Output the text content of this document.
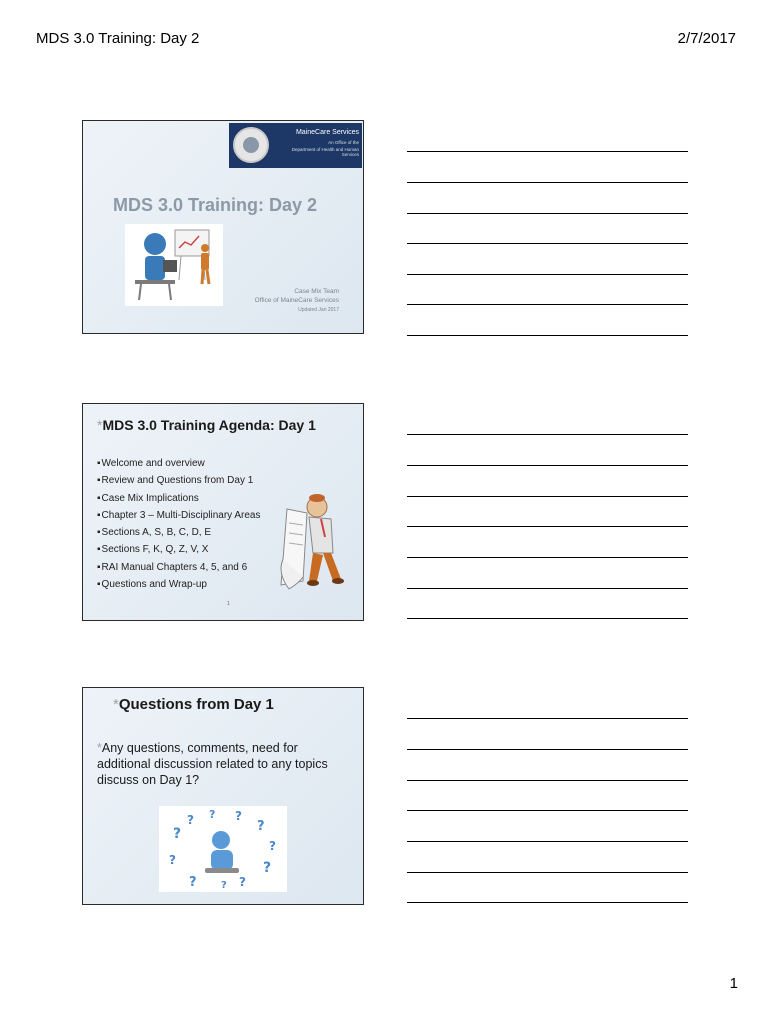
MDS 3.0 Training: Day 2	2/7/2017
MaineCare Services
An Office of the
Department of Health and Human Services
MDS 3.0 Training: Day 2
Case Mix Team
Office of MaineCare Services
Updated Jan 2017
*MDS 3.0 Training Agenda: Day 1
▪ Welcome and overview
▪ Review and Questions from Day 1
▪ Case Mix Implications
▪ Chapter 3 – Multi-Disciplinary Areas
▪ Sections A, S, B, C, D, E
▪ Sections F, K, Q, Z, V, X
▪ RAI Manual Chapters 4, 5, and 6
▪ Questions and Wrap-up
1
*Questions from Day 1
*Any questions, comments, need for additional discussion related to any topics discuss on Day 1?
?
? ? ?
?
?
?
?
?
?
?
1
